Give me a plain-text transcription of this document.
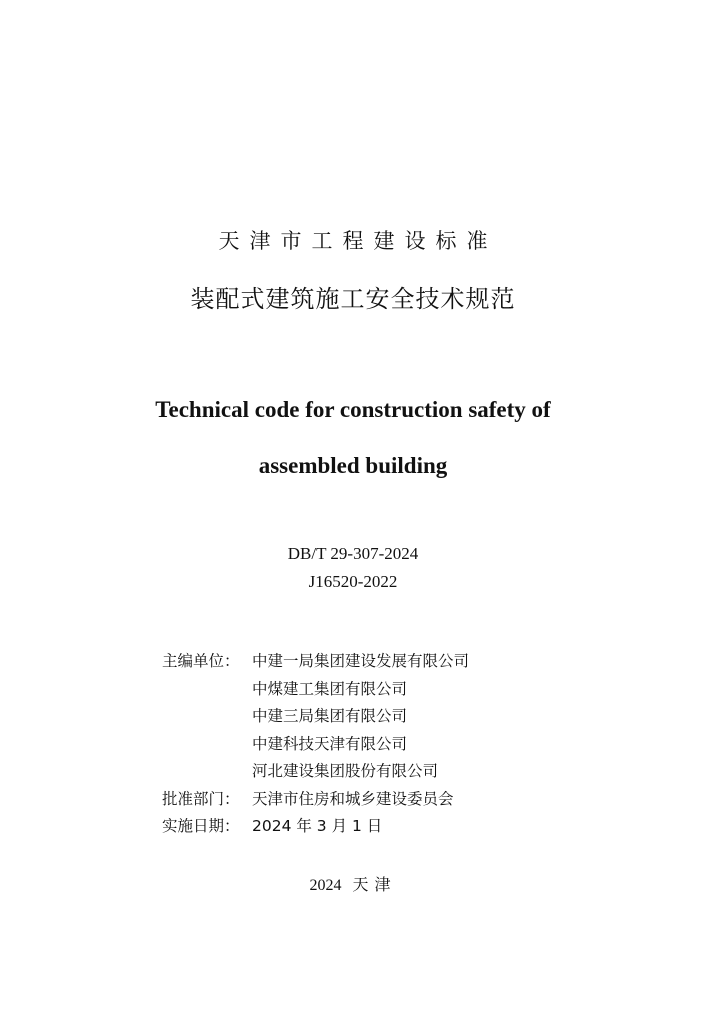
天津市工程建设标准
装配式建筑施工安全技术规范
Technical code for construction safety of
assembled building
DB/T 29-307-2024
J16520-2022
主编单位： 中建一局集团建设发展有限公司
中煤建工集团有限公司
中建三局集团有限公司
中建科技天津有限公司
河北建设集团股份有限公司
批准部门： 天津市住房和城乡建设委员会
实施日期： 2024 年 3 月 1 日
2024 天津
